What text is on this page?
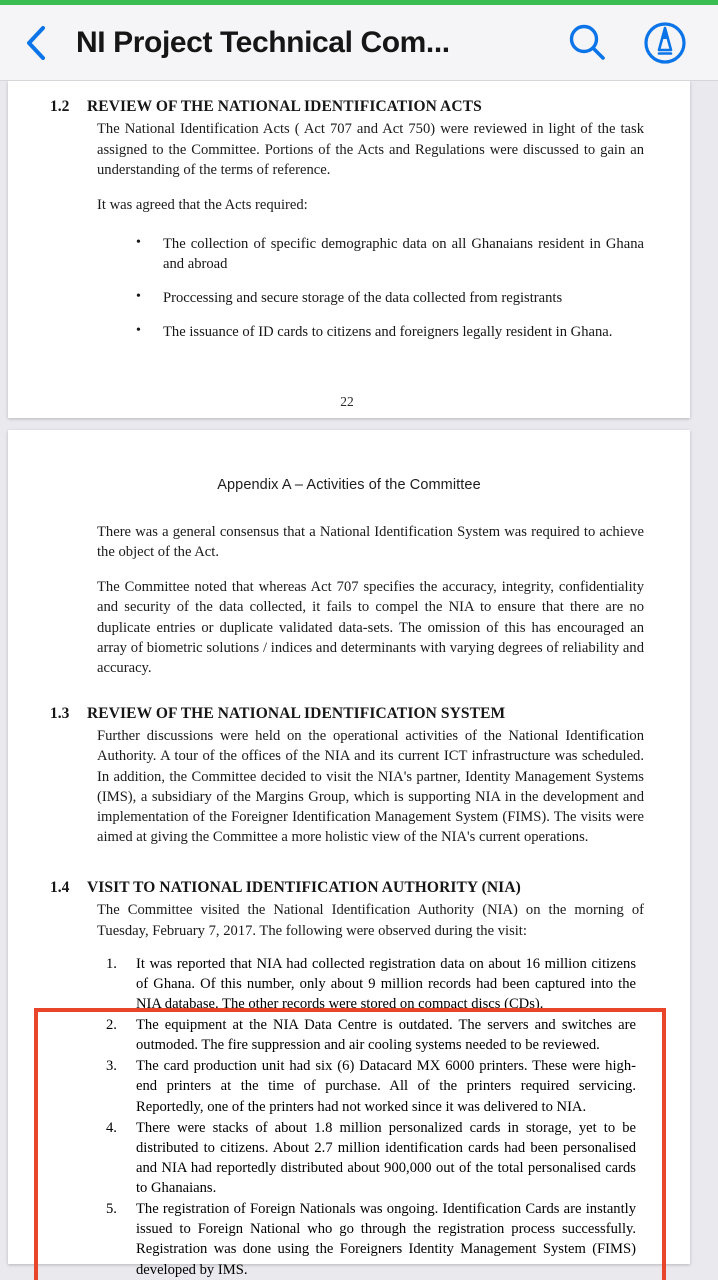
NI Project Technical Com...
1.2	REVIEW OF THE NATIONAL IDENTIFICATION ACTS

The National Identification Acts ( Act 707 and Act 750) were reviewed in light of the task assigned to the Committee. Portions of the Acts and Regulations were discussed to gain an understanding of the terms of reference.

It was agreed that the Acts required:

• The collection of specific demographic data on all Ghanaians resident in Ghana and abroad
• Proccessing and secure storage of the data collected from registrants
• The issuance of ID cards to citizens and foreigners legally resident in Ghana.
22
Appendix A – Activities of the Committee

There was a general consensus that a National Identification System was required to achieve the object of the Act.

The Committee noted that whereas Act 707 specifies the accuracy, integrity, confidentiality and security of the data collected, it fails to compel the NIA to ensure that there are no duplicate entries or duplicate validated data-sets. The omission of this has encouraged an array of biometric solutions / indices and determinants with varying degrees of reliability and accuracy.

1.3	REVIEW OF THE NATIONAL IDENTIFICATION SYSTEM

Further discussions were held on the operational activities of the National Identification Authority. A tour of the offices of the NIA and its current ICT infrastructure was scheduled. In addition, the Committee decided to visit the NIA's partner, Identity Management Systems (IMS), a subsidiary of the Margins Group, which is supporting NIA in the development and implementation of the Foreigner Identification Management System (FIMS). The visits were aimed at giving the Committee a more holistic view of the NIA's current operations.

1.4	VISIT TO NATIONAL IDENTIFICATION AUTHORITY (NIA)

The Committee visited the National Identification Authority (NIA) on the morning of Tuesday, February 7, 2017. The following were observed during the visit:

1. It was reported that NIA had collected registration data on about 16 million citizens of Ghana. Of this number, only about 9 million records had been captured into the NIA database. The other records were stored on compact discs (CDs).
2. The equipment at the NIA Data Centre is outdated. The servers and switches are outmoded. The fire suppression and air cooling systems needed to be reviewed.
3. The card production unit had six (6) Datacard MX 6000 printers. These were high-end printers at the time of purchase. All of the printers required servicing. Reportedly, one of the printers had not worked since it was delivered to NIA.
4. There were stacks of about 1.8 million personalized cards in storage, yet to be distributed to citizens. About 2.7 million identification cards had been personalised and NIA had reportedly distributed about 900,000 out of the total personalised cards to Ghanaians.
5. The registration of Foreign Nationals was ongoing. Identification Cards are instantly issued to Foreign National who go through the registration process successfully. Registration was done using the Foreigners Identity Management System (FIMS) developed by IMS.
